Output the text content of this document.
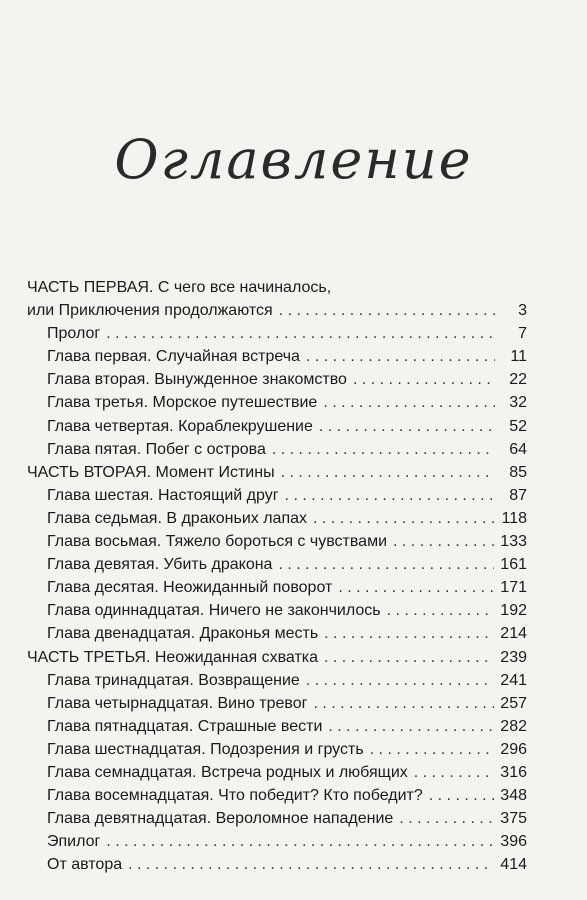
Оглавление
ЧАСТЬ ПЕРВАЯ. С чего все начиналось,
или Приключения продолжаются . . .	3
Пролог . . .	7
Глава первая. Случайная встреча . . .	11
Глава вторая. Вынужденное знакомство . . .	22
Глава третья. Морское путешествие . . .	32
Глава четвертая. Кораблекрушение . . .	52
Глава пятая. Побег с острова . . .	64
ЧАСТЬ ВТОРАЯ. Момент Истины . . .	85
Глава шестая. Настоящий друг . . .	87
Глава седьмая. В драконьих лапах . . .	118
Глава восьмая. Тяжело бороться с чувствами . . .	133
Глава девятая. Убить дракона . . .	161
Глава десятая. Неожиданный поворот . . .	171
Глава одиннадцатая. Ничего не закончилось . . .	192
Глава двенадцатая. Драконья месть . . .	214
ЧАСТЬ ТРЕТЬЯ. Неожиданная схватка . . .	239
Глава тринадцатая. Возвращение . . .	241
Глава четырнадцатая. Вино тревог . . .	257
Глава пятнадцатая. Страшные вести . . .	282
Глава шестнадцатая. Подозрения и грусть . . .	296
Глава семнадцатая. Встреча родных и любящих . . .	316
Глава восемнадцатая. Что победит? Кто победит? . . .	348
Глава девятнадцатая. Вероломное нападение . . .	375
Эпилог . . .	396
От автора . . .	414
